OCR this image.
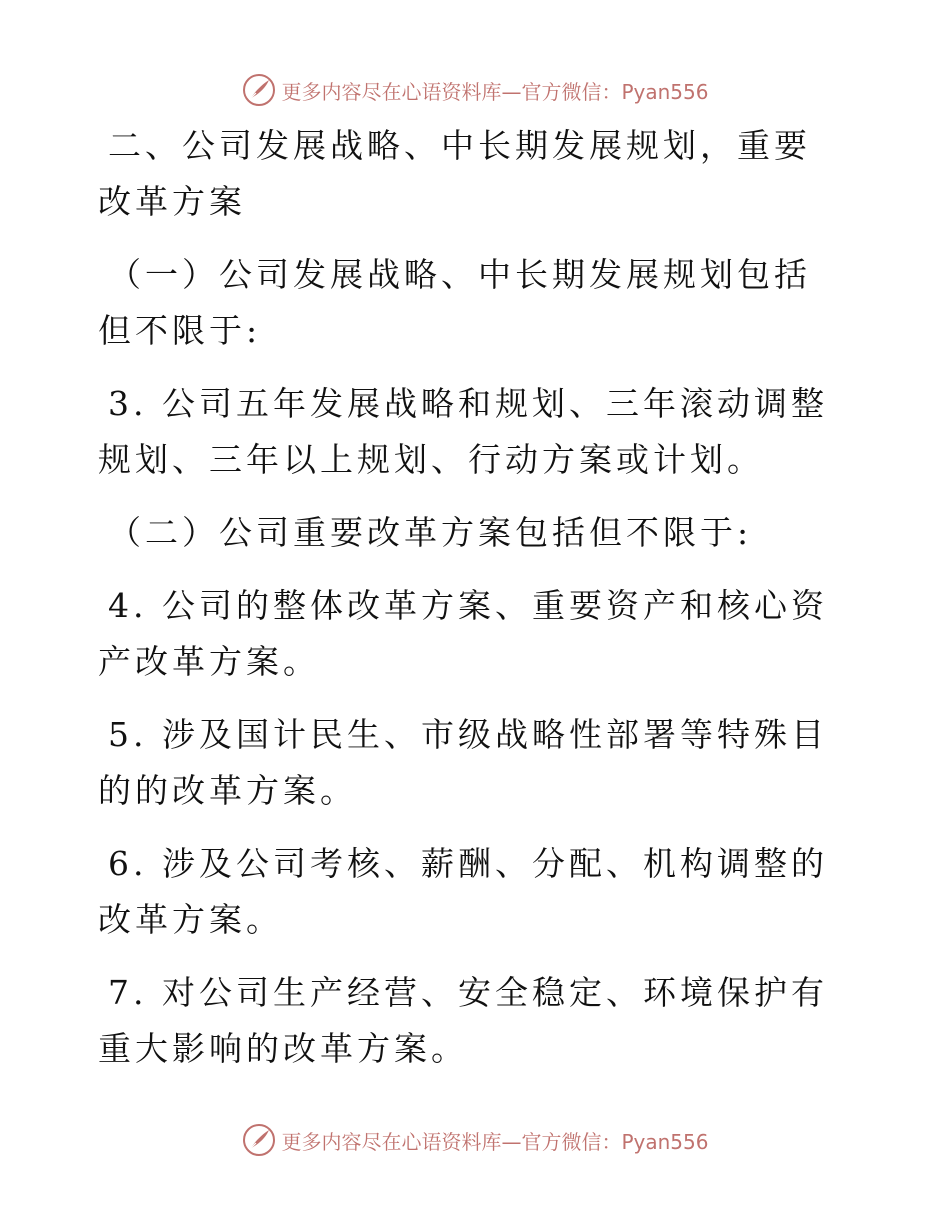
更多内容尽在心语资料库—官方微信：Pyan556

二、公司发展战略、中长期发展规划，重要改革方案

（一）公司发展战略、中长期发展规划包括但不限于:

3. 公司五年发展战略和规划、三年滚动调整规划、三年以上规划、行动方案或计划。

（二）公司重要改革方案包括但不限于:

4. 公司的整体改革方案、重要资产和核心资产改革方案。

5. 涉及国计民生、市级战略性部署等特殊目的的改革方案。

6. 涉及公司考核、薪酬、分配、机构调整的改革方案。

7. 对公司生产经营、安全稳定、环境保护有重大影响的改革方案。

更多内容尽在心语资料库—官方微信：Pyan556
